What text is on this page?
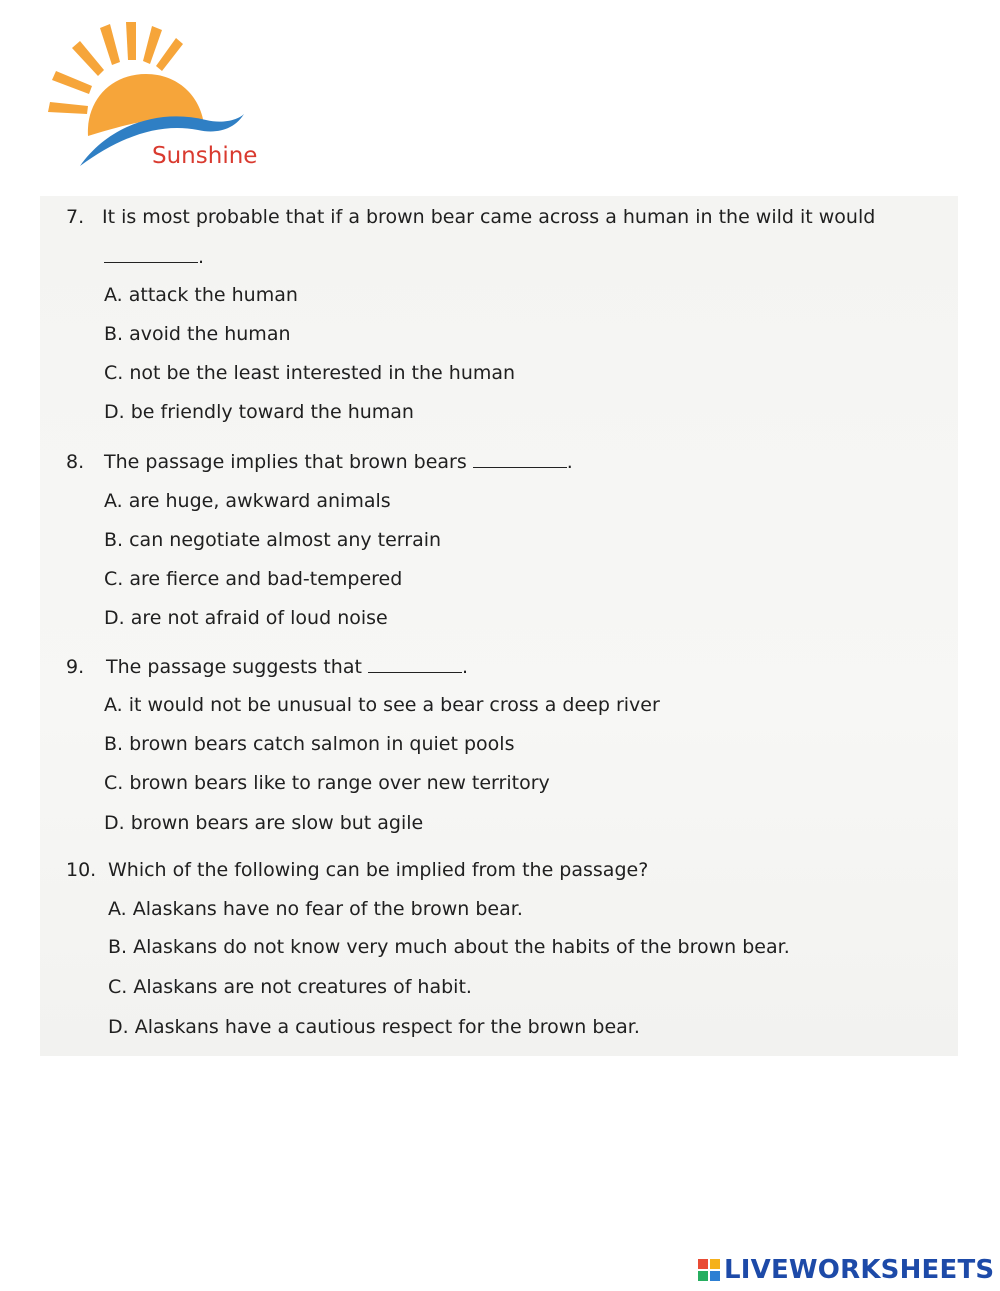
Sunshine
7. It is most probable that if a brown bear came across a human in the wild it would
.
A. attack the human
B. avoid the human
C. not be the least interested in the human
D. be friendly toward the human
8. The passage implies that brown bears	.
A. are huge, awkward animals
B. can negotiate almost any terrain
C. are fierce and bad-tempered
D. are not afraid of loud noise
9. The passage suggests that	.
A. it would not be unusual to see a bear cross a deep river
B. brown bears catch salmon in quiet pools
C. brown bears like to range over new territory
D. brown bears are slow but agile
10. Which of the following can be implied from the passage?
A. Alaskans have no fear of the brown bear.
B. Alaskans do not know very much about the habits of the brown bear.
C. Alaskans are not creatures of habit.
D. Alaskans have a cautious respect for the brown bear.
LIVEWORKSHEETS
